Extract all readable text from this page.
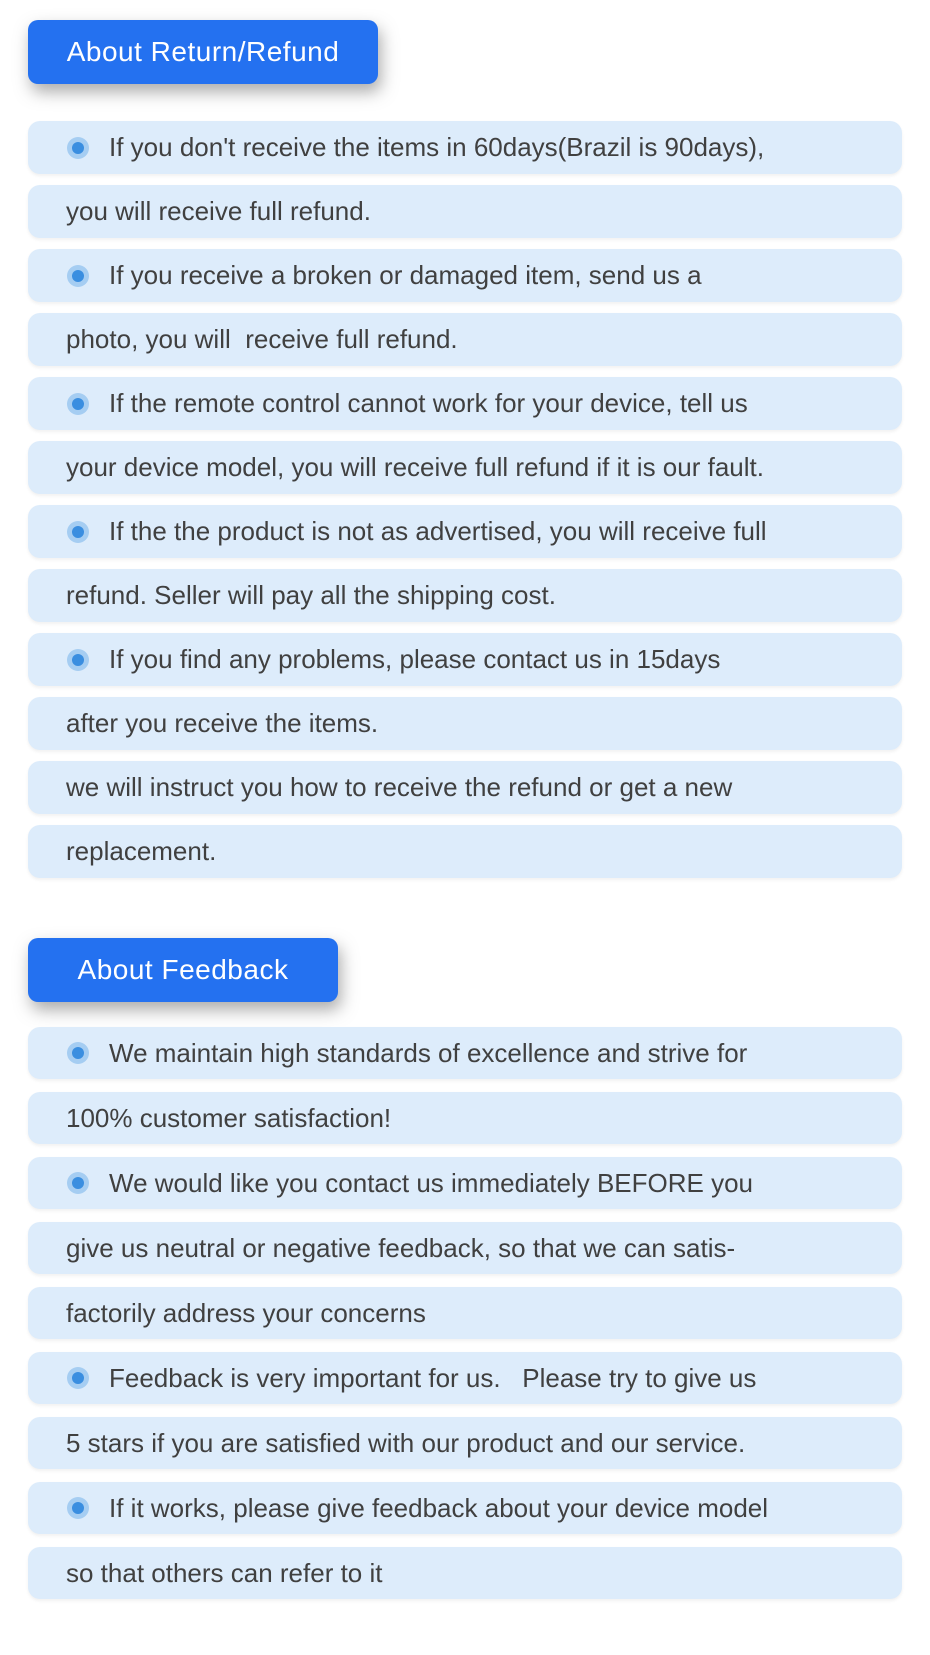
About Return/Refund
If you don't receive the items in 60days(Brazil is 90days),
you will receive full refund.
If you receive a broken or damaged item, send us a
photo, you will  receive full refund.
If the remote control cannot work for your device, tell us
your device model, you will receive full refund if it is our fault.
If the the product is not as advertised, you will receive full
refund. Seller will pay all the shipping cost.
If you find any problems, please contact us in 15days
after you receive the items.
we will instruct you how to receive the refund or get a new
replacement.
About Feedback
We maintain high standards of excellence and strive for
100% customer satisfaction!
We would like you contact us immediately BEFORE you
give us neutral or negative feedback, so that we can satis-
factorily address your concerns
Feedback is very important for us.   Please try to give us
5 stars if you are satisfied with our product and our service.
If it works, please give feedback about your device model
so that others can refer to it
